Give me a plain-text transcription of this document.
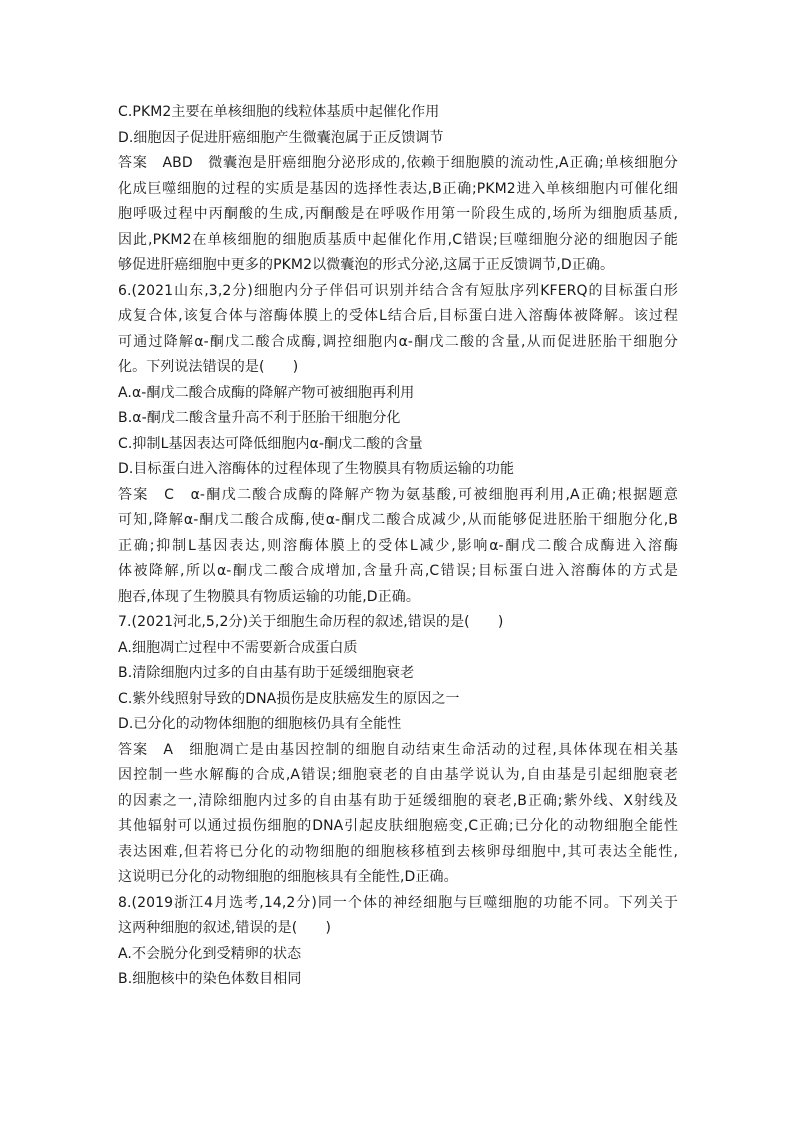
C.PKM2主要在单核细胞的线粒体基质中起催化作用
D.细胞因子促进肝癌细胞产生微囊泡属于正反馈调节
答案　ABD　微囊泡是肝癌细胞分泌形成的,依赖于细胞膜的流动性,A正确;单核细胞分
化成巨噬细胞的过程的实质是基因的选择性表达,B正确;PKM2进入单核细胞内可催化细
胞呼吸过程中丙酮酸的生成,丙酮酸是在呼吸作用第一阶段生成的,场所为细胞质基质,
因此,PKM2在单核细胞的细胞质基质中起催化作用,C错误;巨噬细胞分泌的细胞因子能
够促进肝癌细胞中更多的PKM2以微囊泡的形式分泌,这属于正反馈调节,D正确。
6.(2021山东,3,2分)细胞内分子伴侣可识别并结合含有短肽序列KFERQ的目标蛋白形
成复合体,该复合体与溶酶体膜上的受体L结合后,目标蛋白进入溶酶体被降解。该过程
可通过降解α-酮戊二酸合成酶,调控细胞内α-酮戊二酸的含量,从而促进胚胎干细胞分
化。下列说法错误的是(　　)
A.α-酮戊二酸合成酶的降解产物可被细胞再利用
B.α-酮戊二酸含量升高不利于胚胎干细胞分化
C.抑制L基因表达可降低细胞内α-酮戊二酸的含量
D.目标蛋白进入溶酶体的过程体现了生物膜具有物质运输的功能
答案　C　α-酮戊二酸合成酶的降解产物为氨基酸,可被细胞再利用,A正确;根据题意
可知,降解α-酮戊二酸合成酶,使α-酮戊二酸合成减少,从而能够促进胚胎干细胞分化,B
正确;抑制L基因表达,则溶酶体膜上的受体L减少,影响α-酮戊二酸合成酶进入溶酶
体被降解,所以α-酮戊二酸合成增加,含量升高,C错误;目标蛋白进入溶酶体的方式是
胞吞,体现了生物膜具有物质运输的功能,D正确。
7.(2021河北,5,2分)关于细胞生命历程的叙述,错误的是(　　)
A.细胞凋亡过程中不需要新合成蛋白质
B.清除细胞内过多的自由基有助于延缓细胞衰老
C.紫外线照射导致的DNA损伤是皮肤癌发生的原因之一
D.已分化的动物体细胞的细胞核仍具有全能性
答案　A　细胞凋亡是由基因控制的细胞自动结束生命活动的过程,具体体现在相关基
因控制一些水解酶的合成,A错误;细胞衰老的自由基学说认为,自由基是引起细胞衰老
的因素之一,清除细胞内过多的自由基有助于延缓细胞的衰老,B正确;紫外线、X射线及
其他辐射可以通过损伤细胞的DNA引起皮肤细胞癌变,C正确;已分化的动物细胞全能性
表达困难,但若将已分化的动物细胞的细胞核移植到去核卵母细胞中,其可表达全能性,
这说明已分化的动物细胞的细胞核具有全能性,D正确。
8.(2019浙江4月选考,14,2分)同一个体的神经细胞与巨噬细胞的功能不同。下列关于
这两种细胞的叙述,错误的是(　　)
A.不会脱分化到受精卵的状态
B.细胞核中的染色体数目相同
